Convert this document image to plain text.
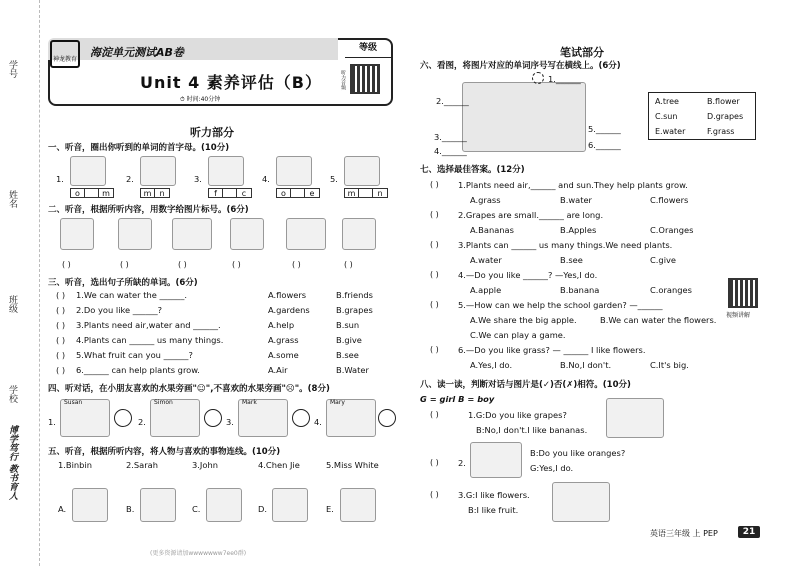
学号
姓名
班级
学校
博学笃行 教书育人
神龙教育
海淀单元测试AB卷
Unit 4 素养评估（B）
⏱ 时间:40分钟
等级
听力音频
听力部分
一、听音，圈出你听到的单词的首字母。(10分)
1.
o	m
2.
m	n
3.
f	c
4.
o	e
5.
m	n
二、听音，根据所听内容，用数字给图片标号。(6分)
( )	( )	( )	( )	( )	( )
三、听音，选出句子所缺的单词。(6分)
( ) 1.We can water the ______.	A.flowers	B.friends
( ) 2.Do you like ______?	A.gardens	B.grapes
( ) 3.Plants need air,water and ______.	A.help	B.sun
( ) 4.Plants can ______ us many things.	A.grass	B.give
( ) 5.What fruit can you ______?	A.some	B.see
( ) 6.______ can help plants grow.	A.Air	B.Water
四、听对话，在小朋友喜欢的水果旁画"☺",不喜欢的水果旁画"☹"。(8分)
1.
Susan
2.
Simon
3.
Mark
4.
Mary
五、听音，根据所听内容，将人物与喜欢的事物连线。(10分)
1.Binbin	2.Sarah	3.John	4.Chen Jie	5.Miss White
A.	B.	C.	D.	E.
(更多资源请加wwwwwww7ee0群)
笔试部分
六、看图，将图片对应的单词序号写在横线上。(6分)
1.______
2.______
3.______
4.______
5.______
6.______
A.tree	B.flower
C.sun	D.grapes
E.water	F.grass
七、选择最佳答案。(12分)
( ) 1.Plants need air,______ and sun.They help plants grow.
A.grass	B.water	C.flowers
( ) 2.Grapes are small.______ are long.
A.Bananas	B.Apples	C.Oranges
( ) 3.Plants can ______ us many things.We need plants.
A.water	B.see	C.give
( ) 4.—Do you like ______? —Yes,I do.
A.apple	B.banana	C.oranges
( ) 5.—How can we help the school garden? —______
A.We share the big apple.	B.We can water the flowers.
C.We can play a game.
( ) 6.—Do you like grass? — ______ I like flowers.
A.Yes,I do.	B.No,I don't.	C.It's big.
视频讲解
八、读一读，判断对话与图片是(✓)否(✗)相符。(10分)
G = girl B = boy
( )	1.G:Do you like grapes?
B:No,I don't.I like bananas.
( ) 2.
B:Do you like oranges?
G:Yes,I do.
( ) 3.G:I like flowers.
B:I like fruit.
英语三年级 上 PEP	21
